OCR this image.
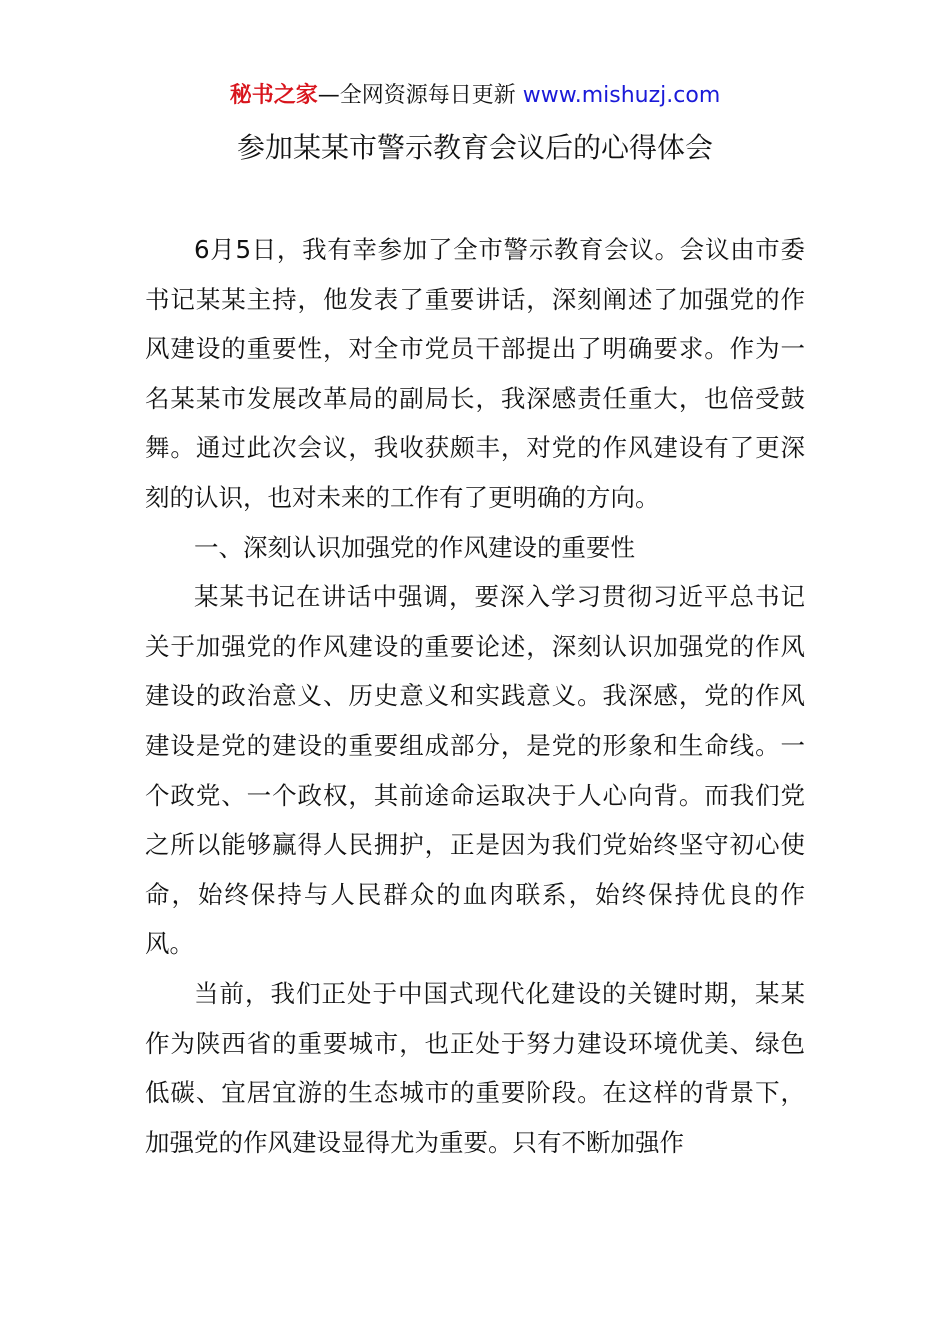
秘书之家—全网资源每日更新 www.mishuzj.com
参加某某市警示教育会议后的心得体会

6月5日，我有幸参加了全市警示教育会议。会议由市委书记某某主持，他发表了重要讲话，深刻阐述了加强党的作风建设的重要性，对全市党员干部提出了明确要求。作为一名某某市发展改革局的副局长，我深感责任重大，也倍受鼓舞。通过此次会议，我收获颇丰，对党的作风建设有了更深刻的认识，也对未来的工作有了更明确的方向。

一、深刻认识加强党的作风建设的重要性

某某书记在讲话中强调，要深入学习贯彻习近平总书记关于加强党的作风建设的重要论述，深刻认识加强党的作风建设的政治意义、历史意义和实践意义。我深感，党的作风建设是党的建设的重要组成部分，是党的形象和生命线。一个政党、一个政权，其前途命运取决于人心向背。而我们党之所以能够赢得人民拥护，正是因为我们党始终坚守初心使命，始终保持与人民群众的血肉联系，始终保持优良的作风。

当前，我们正处于中国式现代化建设的关键时期，某某作为陕西省的重要城市，也正处于努力建设环境优美、绿色低碳、宜居宜游的生态城市的重要阶段。在这样的背景下，加强党的作风建设显得尤为重要。只有不断加强作
